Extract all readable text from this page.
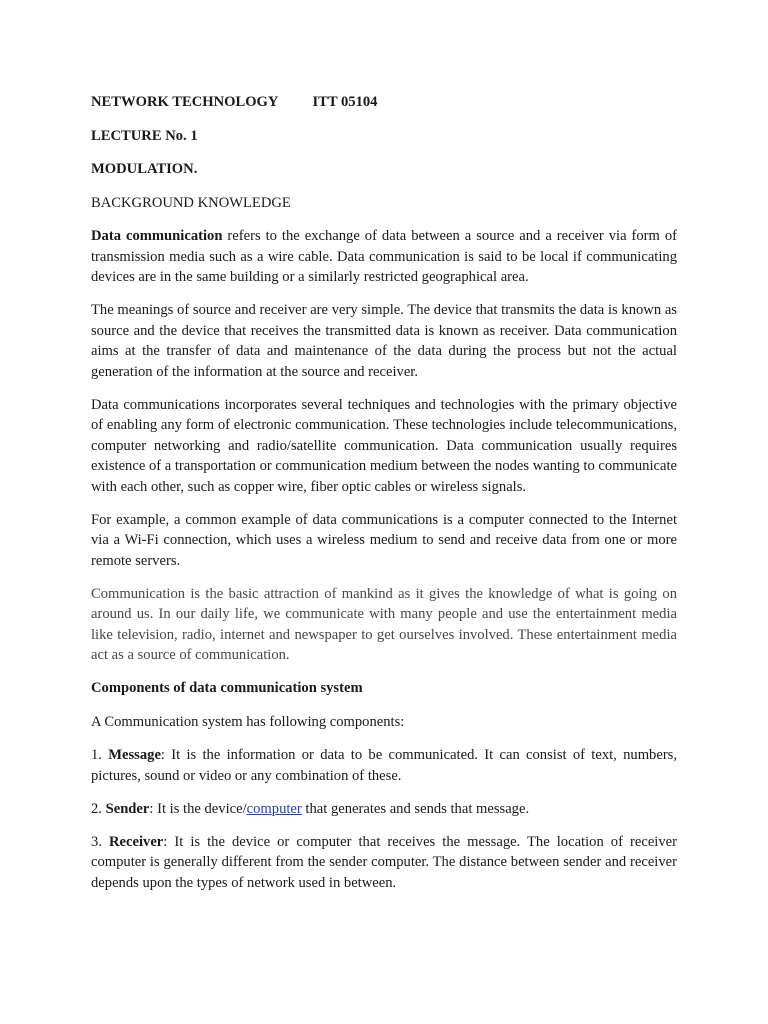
NETWORK TECHNOLOGY ITT 05104

LECTURE No. 1

MODULATION.

BACKGROUND KNOWLEDGE

Data communication refers to the exchange of data between a source and a receiver via form of transmission media such as a wire cable. Data communication is said to be local if communicating devices are in the same building or a similarly restricted geographical area.

The meanings of source and receiver are very simple. The device that transmits the data is known as source and the device that receives the transmitted data is known as receiver. Data communication aims at the transfer of data and maintenance of the data during the process but not the actual generation of the information at the source and receiver.

Data communications incorporates several techniques and technologies with the primary objective of enabling any form of electronic communication. These technologies include telecommunications, computer networking and radio/satellite communication. Data communication usually requires existence of a transportation or communication medium between the nodes wanting to communicate with each other, such as copper wire, fiber optic cables or wireless signals.

For example, a common example of data communications is a computer connected to the Internet via a Wi-Fi connection, which uses a wireless medium to send and receive data from one or more remote servers.

Communication is the basic attraction of mankind as it gives the knowledge of what is going on around us. In our daily life, we communicate with many people and use the entertainment media like television, radio, internet and newspaper to get ourselves involved. These entertainment media act as a source of communication.

Components of data communication system

A Communication system has following components:

1. Message: It is the information or data to be communicated. It can consist of text, numbers, pictures, sound or video or any combination of these.

2. Sender: It is the device/computer that generates and sends that message.

3. Receiver: It is the device or computer that receives the message. The location of receiver computer is generally different from the sender computer. The distance between sender and receiver depends upon the types of network used in between.
